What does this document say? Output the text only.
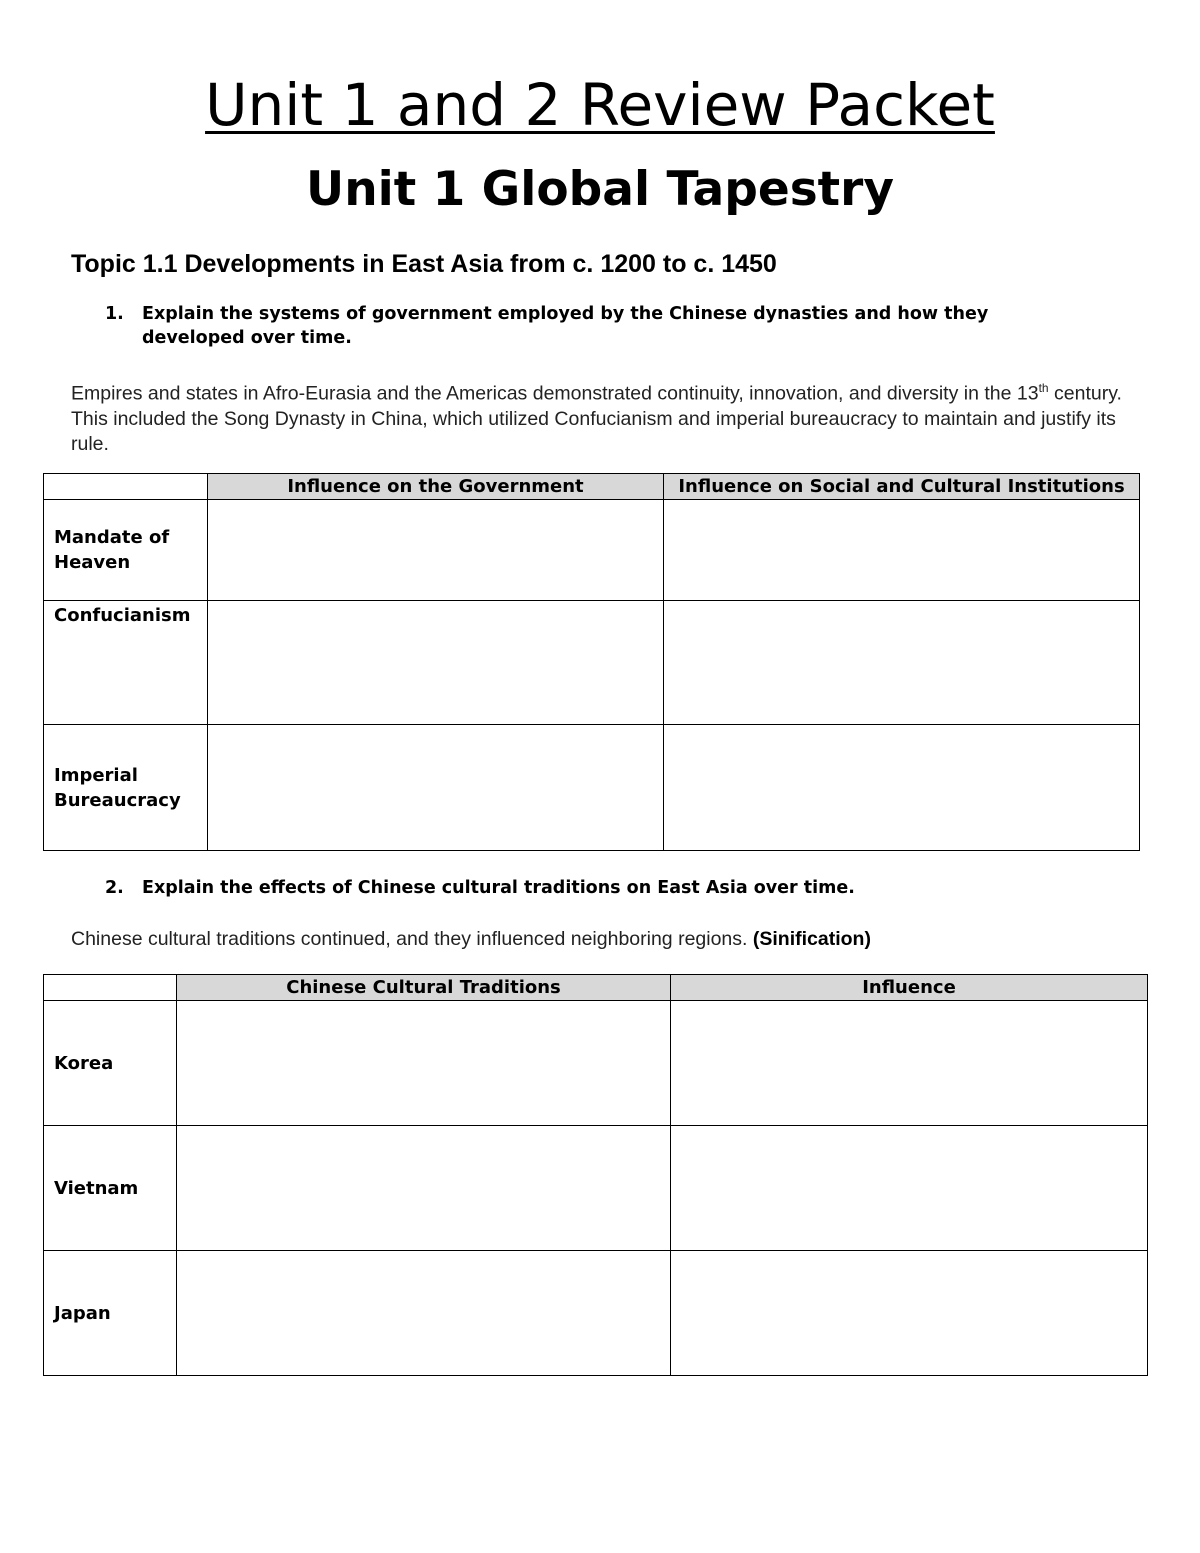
Unit 1 and 2 Review Packet
Unit 1 Global Tapestry
Topic 1.1 Developments in East Asia from c. 1200 to c. 1450
1. Explain the systems of government employed by the Chinese dynasties and how they developed over time.

Empires and states in Afro-Eurasia and the Americas demonstrated continuity, innovation, and diversity in the 13th century. This included the Song Dynasty in China, which utilized Confucianism and imperial bureaucracy to maintain and justify its rule.

	Influence on the Government	Influence on Social and Cultural Institutions
Mandate of Heaven		
Confucianism		
Imperial Bureaucracy		
2. Explain the effects of Chinese cultural traditions on East Asia over time.

Chinese cultural traditions continued, and they influenced neighboring regions. (Sinification)

	Chinese Cultural Traditions	Influence
Korea		
Vietnam		
Japan		
